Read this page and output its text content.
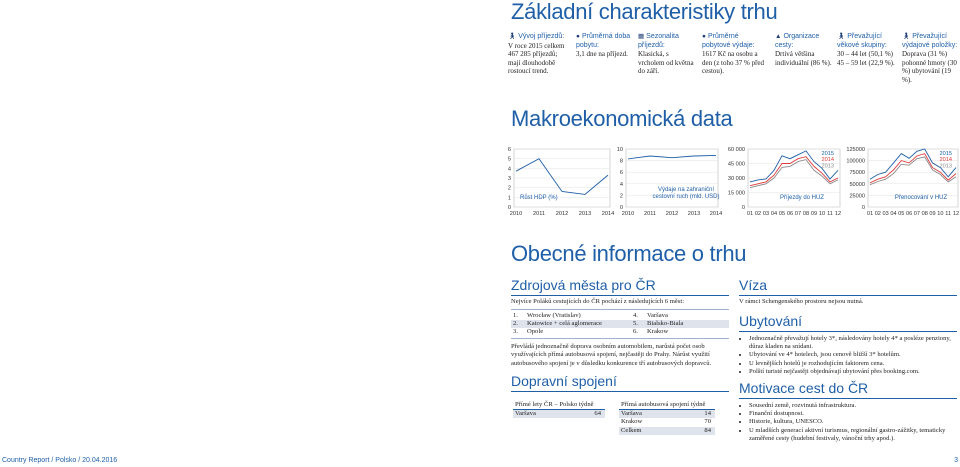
Základní charakteristiky trhu
🚶︎ Vývoj příjezdů:
V roce 2015 celkem 467 285 příjezdů; mají dlouhodobě rostoucí trend.
● Průměrná doba pobytu:
3,1 dne na příjezd.
▦ Sezonalita příjezdů:
Klasická, s vrcholem od května do září.
● Průměrné pobytové výdaje:
1617 Kč na osobu a den (z toho 37 % před cestou).
▲ Organizace cesty:
Drtivá většina individuální (86 %).
🚶︎ Převažující věkové skupiny:
30 – 44 let (50,1 %) 45 – 59 let (22,9 %).
🚶︎ Převažující výdajové položky:
Doprava (31 %) pohonné hmoty (30 %) ubytování (19 %).
Makroekonomická data
0
1
2
3
4
5
6
2010 2011 2012 2013 2014
Růst HDP (%)
0
2
4
6
8
10
2010 2011 2012 2013 2014
Výdaje na zahraniční
cestovní ruch (mld. USD)
0
15 000
30 000
45 000
60 000
01 02 03 04 05 06 07 08 09 10 11 12
2015
2014
2013
Příjezdy do HUZ
0
25000
50000
75000
100000
125000
01 02 03 04 05 06 07 08 09 10 11 12
2015
2014
2013
Přenocování v HUZ
Obecné informace o trhu
Zdrojová města pro ČR
Nejvíce Poláků cestujících do ČR pochází z následujících 6 měst:
1.	Wrocław (Vratislav)	4.	Varšava
2.	Katowice + celá aglomerace	5.	Bialsko-Biala
3.	Opole	6.	Krakow
Převládá jednoznačně doprava osobním automobilem, narůstá počet osob využívajících přímá autobusová spojení, nejčastěji do Prahy. Nárůst využití autobusového spojení je v důsledku konkurence tří autobusových dopravců.
Dopravní spojení
Přímé lety ČR – Polsko týdně
Varšava	64
Přímá autobusová spojení týdně	
Varšava	14
Krakow	70
Celkem	84
Víza
V rámci Schengenského prostoru nejsou nutná.
Ubytování
• Jednoznačně převažují hotely 3*, následovány hotely 4* a posléze penziony, důraz kladen na snídani.
• Ubytování ve 4* hotelech, jsou cenově bližší 3* hotelům.
• U levnějších hotelů je rozhodujícím faktorem cena.
• Polští turisté nejčastěji objednávají ubytování přes booking.com.
Motivace cest do ČR
• Sousední země, rozvinutá infrastruktura.
• Finanční dostupnost.
• Historie, kultura, UNESCO.
• U mladších generací aktivní turismus, regionální gastro-zážitky, tematicky zaměřené cesty (hudební festivaly, vánoční trhy apod.).
Country Report / Polsko / 20.04.2016	3
